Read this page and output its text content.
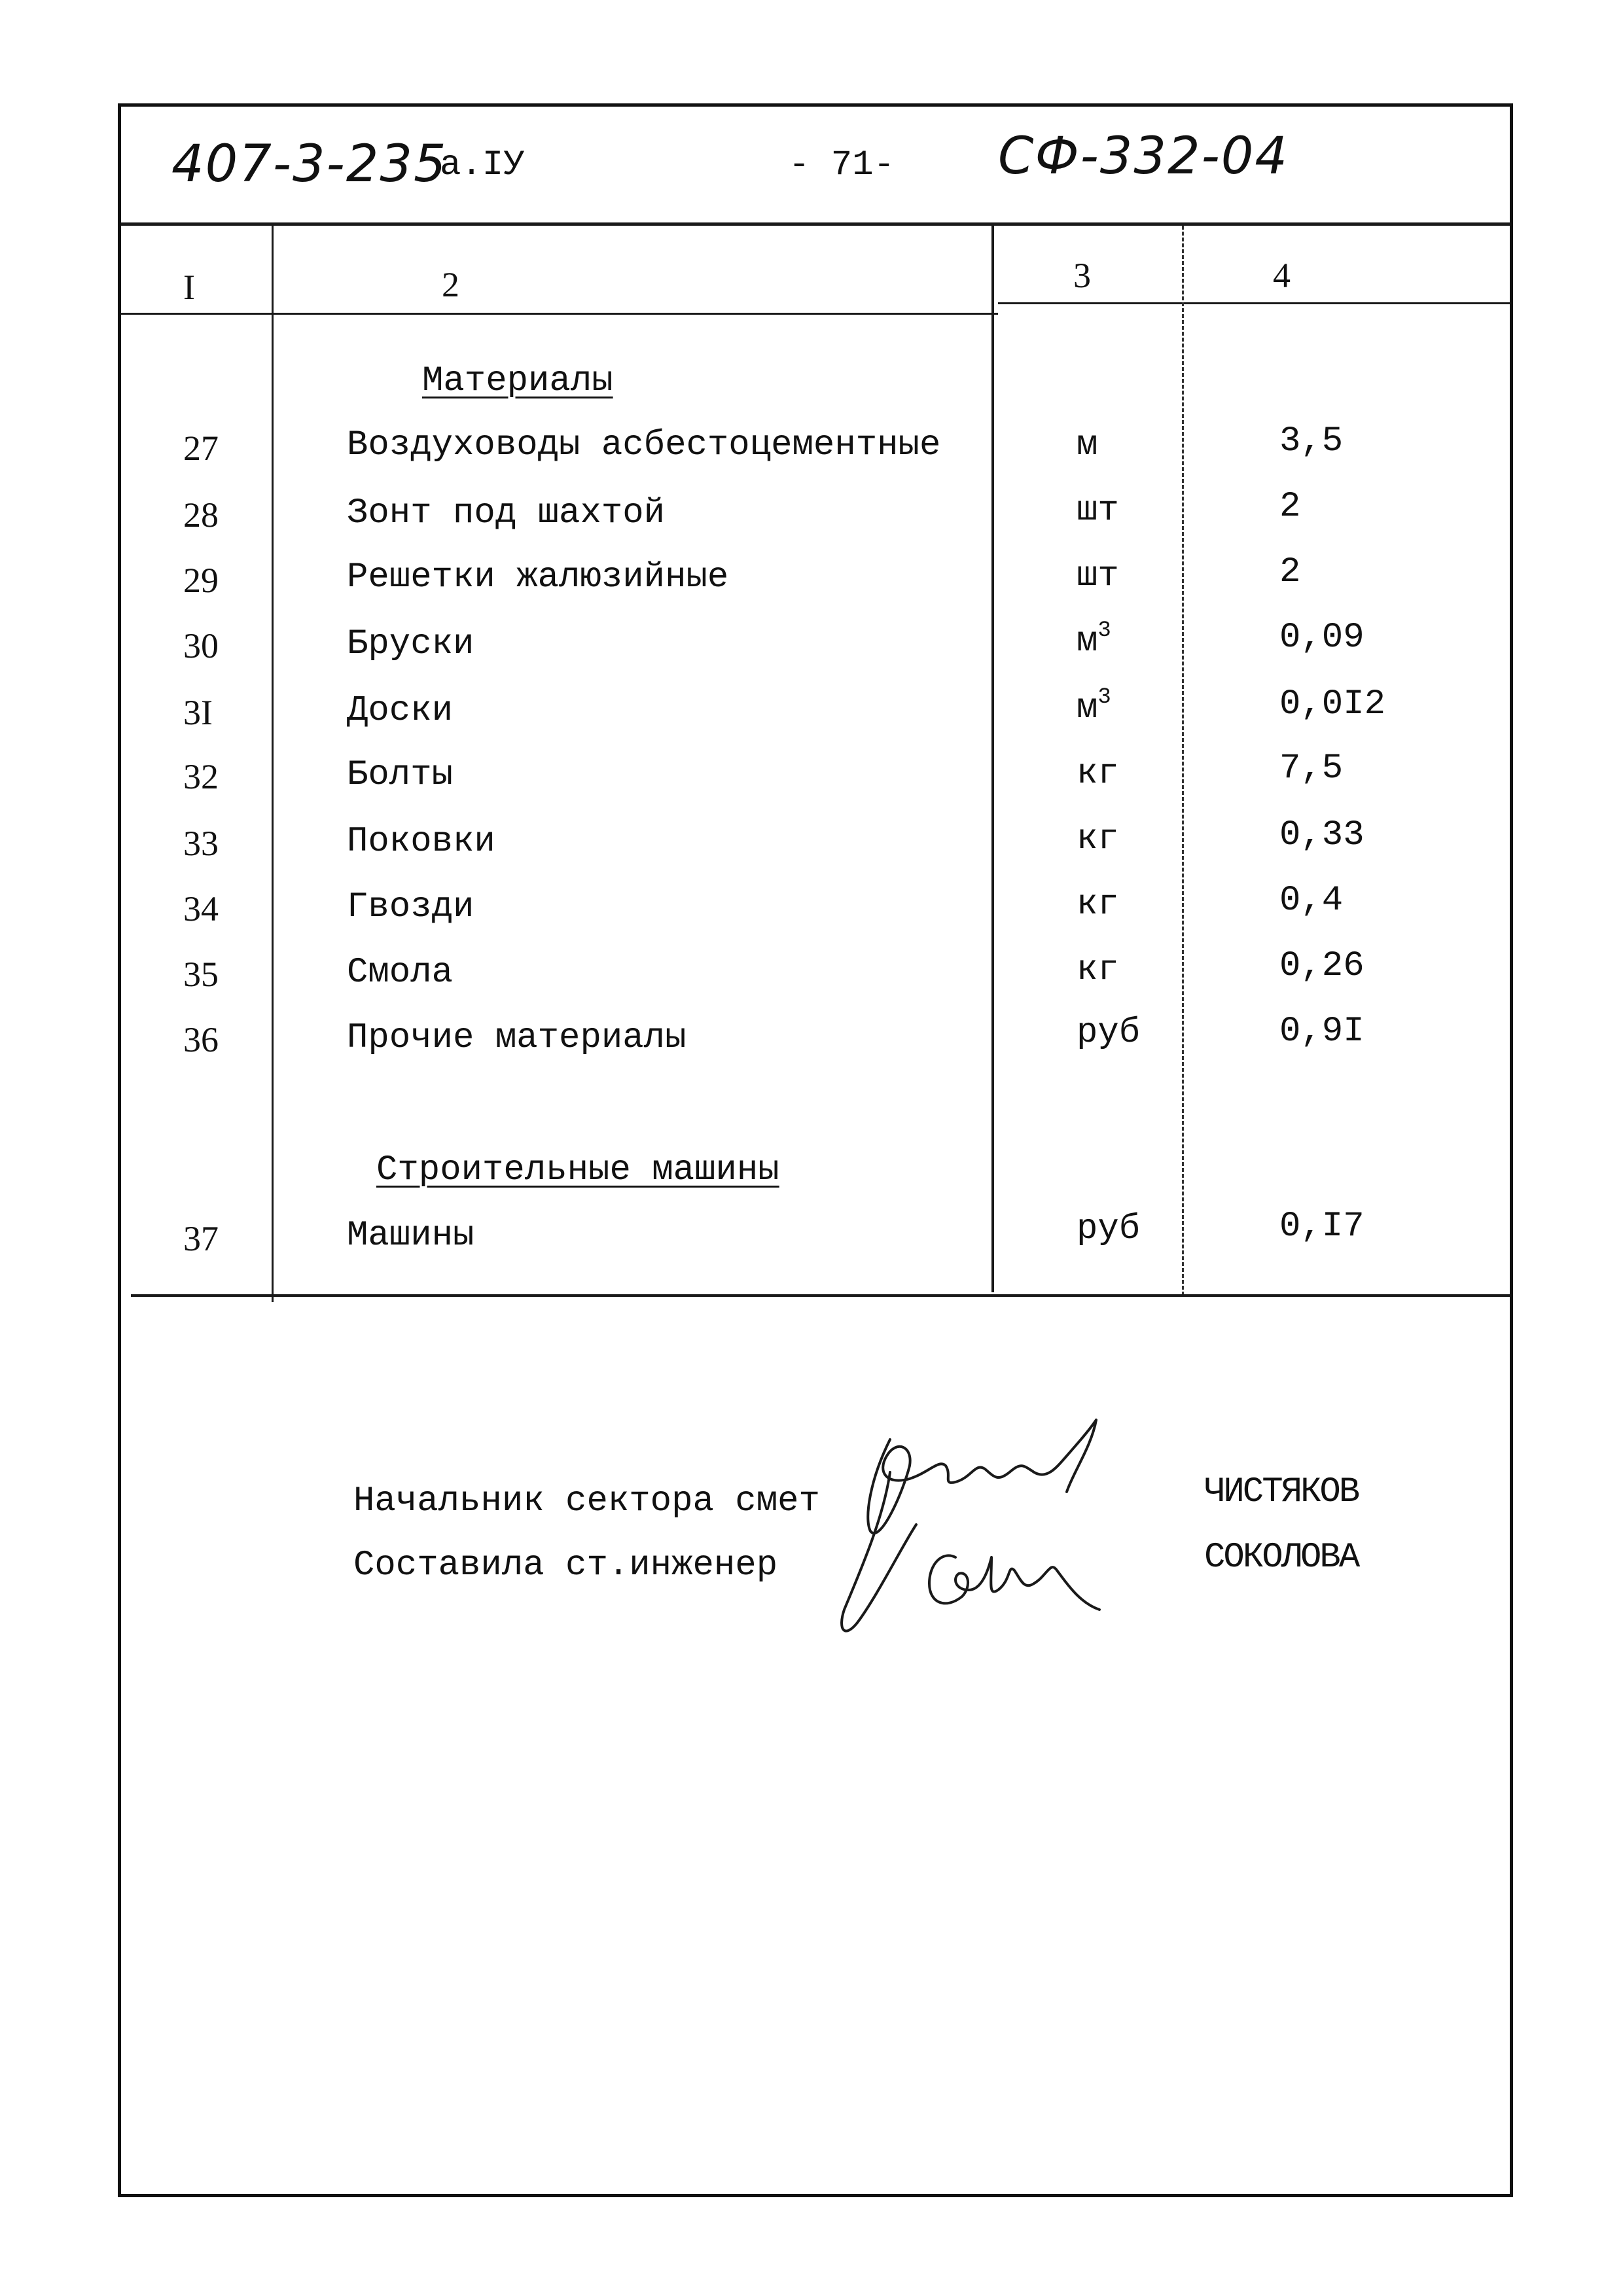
407-3-235
а.IУ	- 71- СФ-332-04
I	2	3	4
Материалы
27	Воздуховоды асбестоцементные	м	3,5
28	Зонт под шахтой	шт	2
29	Решетки жалюзийные	шт	2
30	Бруски	$м^3$	0,09
3I	Доски	$м^3$	0,0I2
32	Болты	кг	7,5
33	Поковки	кг	0,33
34	Гвозди	кг	0,4
35	Смола	кг	0,26
36	Прочие материалы	руб	0,9I
Строительные машины
37	Машины	руб	0,I7
Начальник сектора смет
Составила ст.инженер
ЧИСТЯКОВ
СОКОЛОВА
